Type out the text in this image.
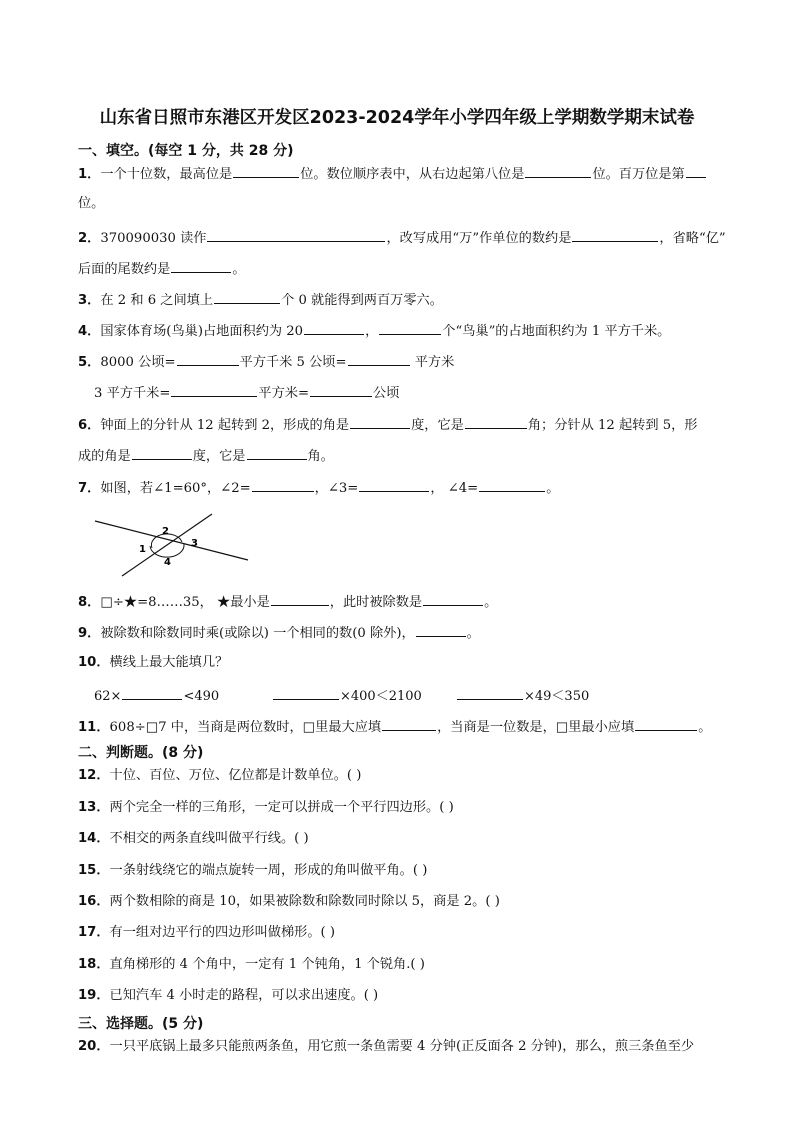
山东省日照市东港区开发区2023-2024学年小学四年级上学期数学期末试卷
一、填空。(每空 1 分，共 28 分)
1．一个十位数，最高位是	位。数位顺序表中，从右边起第八位是	位。百万位是第
位。
2．370090030 读作	，改写成用“万”作单位的数约是	，省略“亿”
后面的尾数约是	。
3．在 2 和 6 之间填上	个 0 就能得到两百万零六。
4．国家体育场(鸟巢)占地面积约为 20	，	个“鸟巢”的占地面积约为 1 平方千米。
5．8000 公顷=	平方千米 5 公顷=	平方米
3 平方千米=	平方米=	公顷
6．钟面上的分针从 12 起转到 2，形成的角是	度，它是	角；分针从 12 起转到 5，形
成的角是	度，它是	角。
7．如图，若∠1=60°，∠2=	，∠3=	， ∠4=	。
1
2
3
4
8．□÷★=8……35， ★最小是	，此时被除数是	。
9．被除数和除数同时乘(或除以) 一个相同的数(0 除外)，	。
10．横线上最大能填几？
62×	<490	×400＜2100	×49＜350
11．608÷□7 中，当商是两位数时，□里最大应填	，当商是一位数是，□里最小应填	。
二、判断题。(8 分)
12．十位、百位、万位、亿位都是计数单位。( )
13．两个完全一样的三角形，一定可以拼成一个平行四边形。( )
14．不相交的两条直线叫做平行线。( )
15．一条射线绕它的端点旋转一周，形成的角叫做平角。( )
16．两个数相除的商是 10，如果被除数和除数同时除以 5，商是 2。( )
17．有一组对边平行的四边形叫做梯形。( )
18．直角梯形的 4 个角中，一定有 1 个钝角，1 个锐角.( )
19．已知汽车 4 小时走的路程，可以求出速度。( )
三、选择题。(5 分)
20．一只平底锅上最多只能煎两条鱼，用它煎一条鱼需要 4 分钟(正反面各 2 分钟)，那么，煎三条鱼至少
